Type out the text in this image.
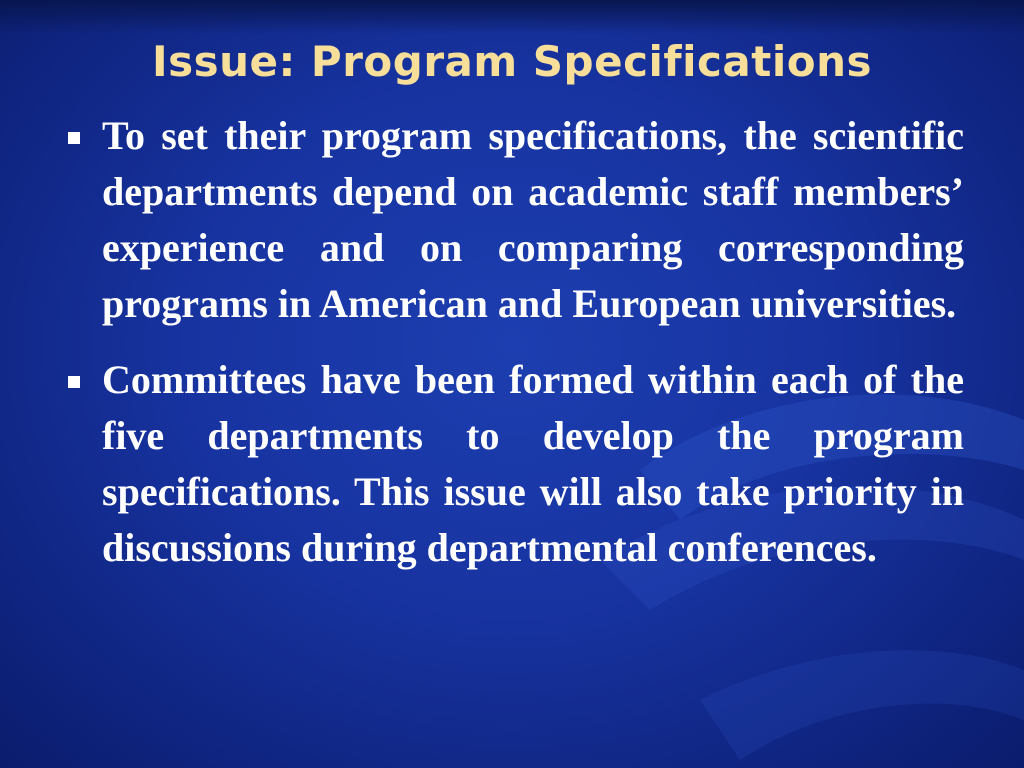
Issue: Program Specifications
To set their program specifications, the scientific departments depend on academic staff members’ experience and on comparing corresponding programs in American and European universities.
Committees have been formed within each of the five departments to develop the program specifications. This issue will also take priority in discussions during departmental conferences.
